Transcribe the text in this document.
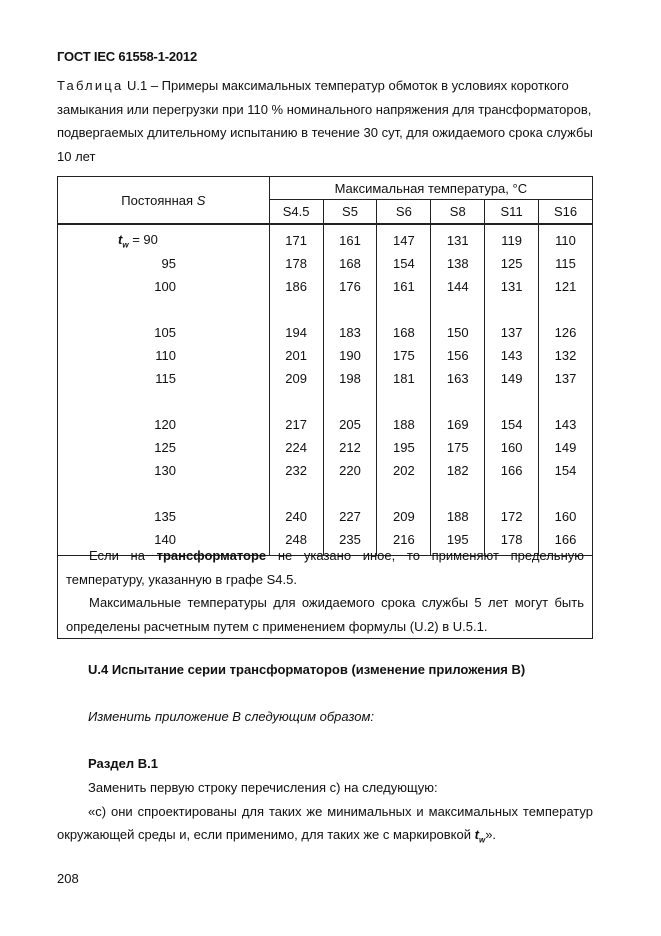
ГОСТ IEC 61558-1-2012
Таблица U.1 – Примеры максимальных температур обмоток в условиях короткого замыкания или перегрузки при 110 % номинального напряжения для трансформаторов, подвергаемых длительному испытанию в течение 30 сут, для ожидаемого срока службы 10 лет
Постоянная S	Максимальная температура, °C					
	S4.5	S5	S6	S8	S11	S16
$t_w = 90$	171	161	147	131	119	110
95	178	168	154	138	125	115
100	186	176	161	144	131	121

105	194	183	168	150	137	126
110	201	190	175	156	143	132
115	209	198	181	163	149	137

120	217	205	188	169	154	143
125	224	212	195	175	160	149
130	232	220	202	182	166	154

135	240	227	209	188	172	160
140	248	235	216	195	178	166

Если на трансформаторе не указано иное, то применяют предельную температуру, указанную в графе S4.5.

Максимальные температуры для ожидаемого срока службы 5 лет могут быть определены расчетным путем с применением формулы (U.2) в U.5.1.

U.4 Испытание серии трансформаторов (изменение приложения B)
Изменить приложение B следующим образом:
Раздел B.1

Заменить первую строку перечисления с) на следующую:

«с) они спроектированы для таких же минимальных и максимальных температур окружающей среды и, если применимо, для таких же с маркировкой $t_w$».

208
